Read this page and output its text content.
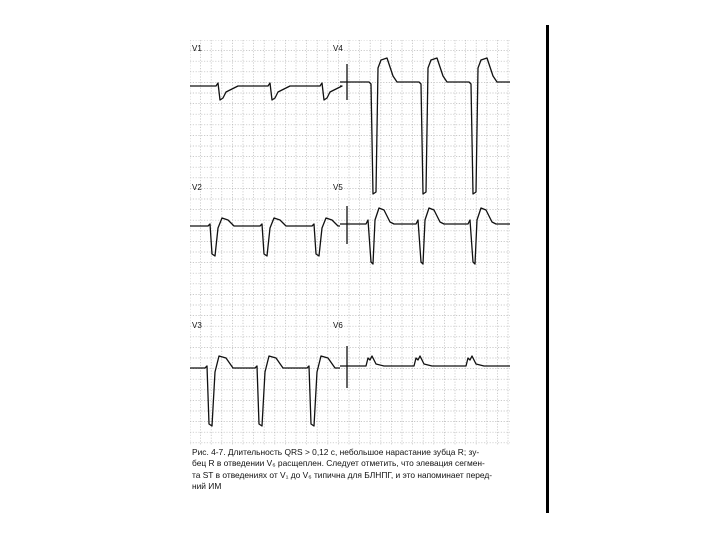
V1	V4
V2	V5
V3	V6
Рис. 4-7. Длительность QRS > 0,12 с, небольшое нарастание зубца R; зу-
бец R в отведении V₆ расщеплен. Следует отметить, что элевация сегмен-
та ST в отведениях от V₁ до V₆ типична для БЛНПГ, и это напоминает перед-
ний ИМ
